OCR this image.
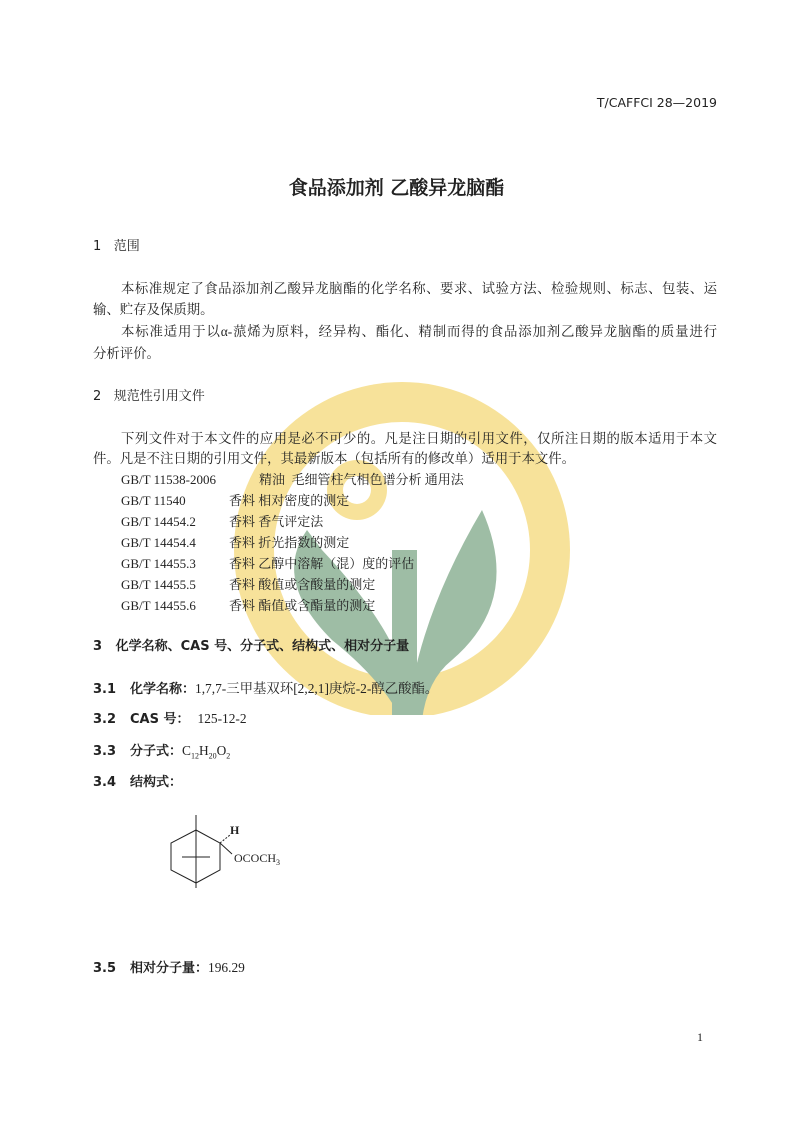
T/CAFFCI 28—2019
食品添加剂 乙酸异龙脑酯
1 范围
本标准规定了食品添加剂乙酸异龙脑酯的化学名称、要求、试验方法、检验规则、标志、包装、运
输、贮存及保质期。
本标准适用于以α-蒎烯为原料，经异构、酯化、精制而得的食品添加剂乙酸异龙脑酯的质量进行
分析评价。
2 规范性引用文件
下列文件对于本文件的应用是必不可少的。凡是注日期的引用文件，仅所注日期的版本适用于本文
件。凡是不注日期的引用文件，其最新版本（包括所有的修改单）适用于本文件。
GB/T 11538-2006	精油  毛细管柱气相色谱分析 通用法
GB/T 11540	香料 相对密度的测定
GB/T 14454.2	香料 香气评定法
GB/T 14454.4	香料 折光指数的测定
GB/T 14455.3	香料 乙醇中溶解（混）度的评估
GB/T 14455.5	香料 酸值或含酸量的测定
GB/T 14455.6	香料 酯值或含酯量的测定
3 化学名称、CAS 号、分子式、结构式、相对分子量
3.1 化学名称：1,7,7-三甲基双环[2,2,1]庚烷-2-醇乙酸酯。
3.2 CAS 号： 125-12-2
3.3 分子式：$C_{12}H_{20}O_2$
3.4 结构式：
H
$OCOCH_3$
3.5 相对分子量：196.29
1
